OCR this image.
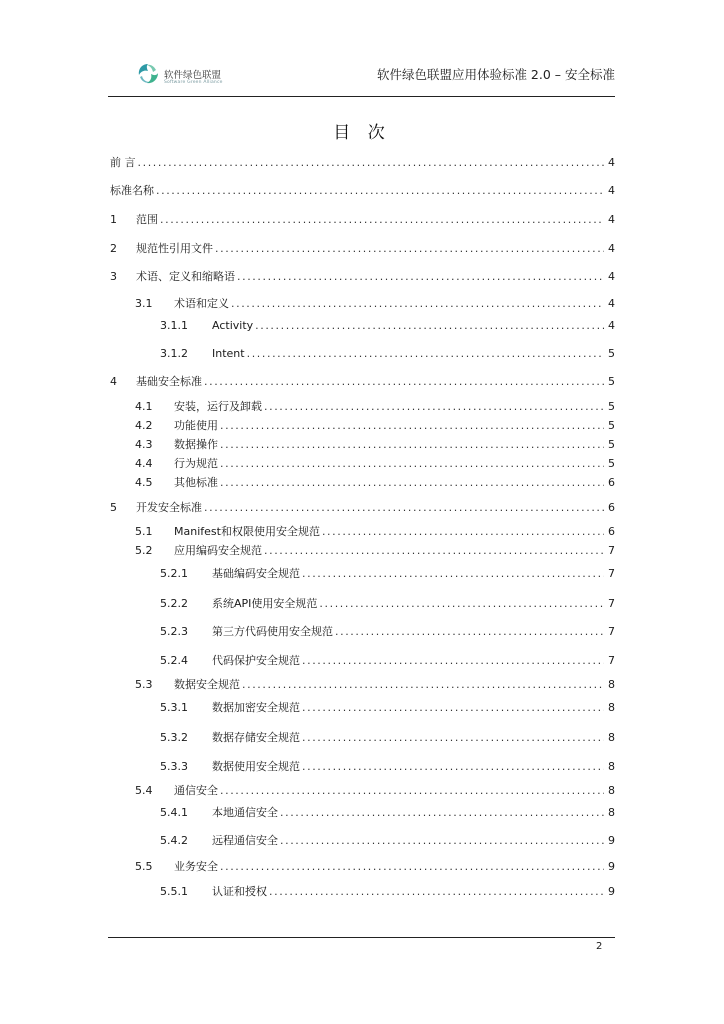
软件绿色联盟
Software Green Alliance
软件绿色联盟应用体验标准 2.0 – 安全标准
目 次
前 言 .....	4
标准名称 .....	4
1	范围 .....	4
2	规范性引用文件 .....	4
3	术语、定义和缩略语 .....	4
3.1	术语和定义 .....	4
3.1.1	Activity .....	4
3.1.2	Intent .....	5
4	基础安全标准 .....	5
4.1	安装，运行及卸载 .....	5
4.2	功能使用 .....	5
4.3	数据操作 .....	5
4.4	行为规范 .....	5
4.5	其他标准 .....	6
5	开发安全标准 .....	6
5.1	Manifest和权限使用安全规范 .....	6
5.2	应用编码安全规范 .....	7
5.2.1	基础编码安全规范 .....	7
5.2.2	系统API使用安全规范 .....	7
5.2.3	第三方代码使用安全规范 .....	7
5.2.4	代码保护安全规范 .....	7
5.3	数据安全规范 .....	8
5.3.1	数据加密安全规范 .....	8
5.3.2	数据存储安全规范 .....	8
5.3.3	数据使用安全规范 .....	8
5.4	通信安全 .....	8
5.4.1	本地通信安全 .....	8
5.4.2	远程通信安全 .....	9
5.5	业务安全 .....	9
5.5.1	认证和授权 .....	9
2
